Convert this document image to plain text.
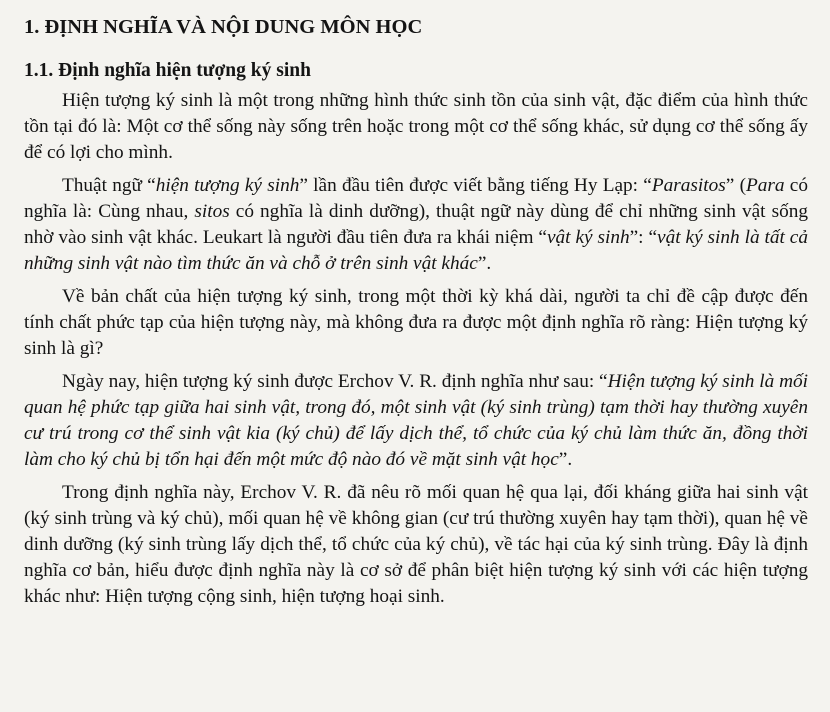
1. ĐỊNH NGHĨA VÀ NỘI DUNG MÔN HỌC
1.1. Định nghĩa hiện tượng ký sinh

Hiện tượng ký sinh là một trong những hình thức sinh tồn của sinh vật, đặc điểm của hình thức tồn tại đó là: Một cơ thể sống này sống trên hoặc trong một cơ thể sống khác, sử dụng cơ thể sống ấy để có lợi cho mình.

Thuật ngữ “hiện tượng ký sinh” lần đầu tiên được viết bằng tiếng Hy Lạp: “Parasitos” (Para có nghĩa là: Cùng nhau, sitos có nghĩa là dinh dưỡng), thuật ngữ này dùng để chỉ những sinh vật sống nhờ vào sinh vật khác. Leukart là người đầu tiên đưa ra khái niệm “vật ký sinh”: “vật ký sinh là tất cả những sinh vật nào tìm thức ăn và chỗ ở trên sinh vật khác”.

Về bản chất của hiện tượng ký sinh, trong một thời kỳ khá dài, người ta chỉ đề cập được đến tính chất phức tạp của hiện tượng này, mà không đưa ra được một định nghĩa rõ ràng: Hiện tượng ký sinh là gì?

Ngày nay, hiện tượng ký sinh được Erchov V. R. định nghĩa như sau: “Hiện tượng ký sinh là mối quan hệ phức tạp giữa hai sinh vật, trong đó, một sinh vật (ký sinh trùng) tạm thời hay thường xuyên cư trú trong cơ thể sinh vật kia (ký chủ) để lấy dịch thể, tổ chức của ký chủ làm thức ăn, đồng thời làm cho ký chủ bị tổn hại đến một mức độ nào đó về mặt sinh vật học”.

Trong định nghĩa này, Erchov V. R. đã nêu rõ mối quan hệ qua lại, đối kháng giữa hai sinh vật (ký sinh trùng và ký chủ), mối quan hệ về không gian (cư trú thường xuyên hay tạm thời), quan hệ về dinh dưỡng (ký sinh trùng lấy dịch thể, tổ chức của ký chủ), về tác hại của ký sinh trùng. Đây là định nghĩa cơ bản, hiểu được định nghĩa này là cơ sở để phân biệt hiện tượng ký sinh với các hiện tượng khác như: Hiện tượng cộng sinh, hiện tượng hoại sinh.
